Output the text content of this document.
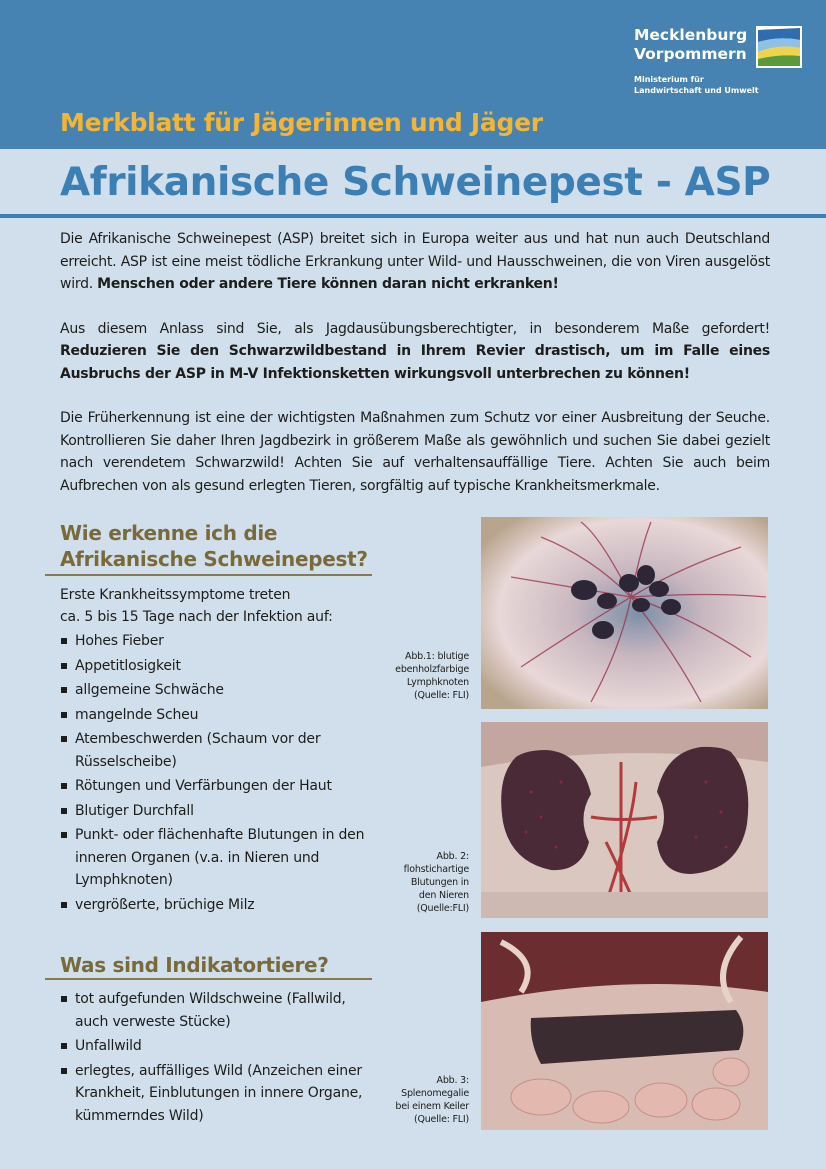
Mecklenburg
Vorpommern
Ministerium für
Landwirtschaft und Umwelt
Merkblatt für Jägerinnen und Jäger
Afrikanische Schweinepest - ASP

Die Afrikanische Schweinepest (ASP) breitet sich in Europa weiter aus und hat nun auch Deutschland erreicht. ASP ist eine meist tödliche Erkrankung unter Wild- und Hausschweinen, die von Viren ausgelöst wird. Menschen oder andere Tiere können daran nicht erkranken!

Aus diesem Anlass sind Sie, als Jagdausübungsberechtigter, in besonderem Maße gefordert! Reduzieren Sie den Schwarzwildbestand in Ihrem Revier drastisch, um im Falle eines Ausbruchs der ASP in M-V Infektionsketten wirkungsvoll unterbrechen zu können!

Die Früherkennung ist eine der wichtigsten Maßnahmen zum Schutz vor einer Ausbreitung der Seuche. Kontrollieren Sie daher Ihren Jagdbezirk in größerem Maße als gewöhnlich und suchen Sie dabei gezielt nach verendetem Schwarzwild! Achten Sie auf verhaltensauffällige Tiere. Achten Sie auch beim Aufbrechen von als gesund erlegten Tieren, sorgfältig auf typische Krankheitsmerkmale.

Wie erkenne ich die
Afrikanische Schweinepest?
Erste Krankheitssymptome treten
ca. 5 bis 15 Tage nach der Infektion auf:
Hohes Fieber
Appetitlosigkeit
allgemeine Schwäche
mangelnde Scheu
Atembeschwerden (Schaum vor der Rüsselscheibe)
Rötungen und Verfärbungen der Haut
Blutiger Durchfall
Punkt- oder flächenhafte Blutungen in den inneren Organen (v.a. in Nieren und Lymphknoten)
vergrößerte, brüchige Milz
Was sind Indikatortiere?
tot aufgefunden Wildschweine (Fallwild, auch verweste Stücke)
Unfallwild
erlegtes, auffälliges Wild (Anzeichen einer Krankheit, Einblutungen in innere Organe, kümmerndes Wild)
Abb.1: blutige
ebenholzfarbige
Lymphknoten
(Quelle: FLI)
Abb. 2:
flohstichartige
Blutungen in
den Nieren
(Quelle:FLI)
Abb. 3:
Splenomegalie
bei einem Keiler
(Quelle: FLI)
